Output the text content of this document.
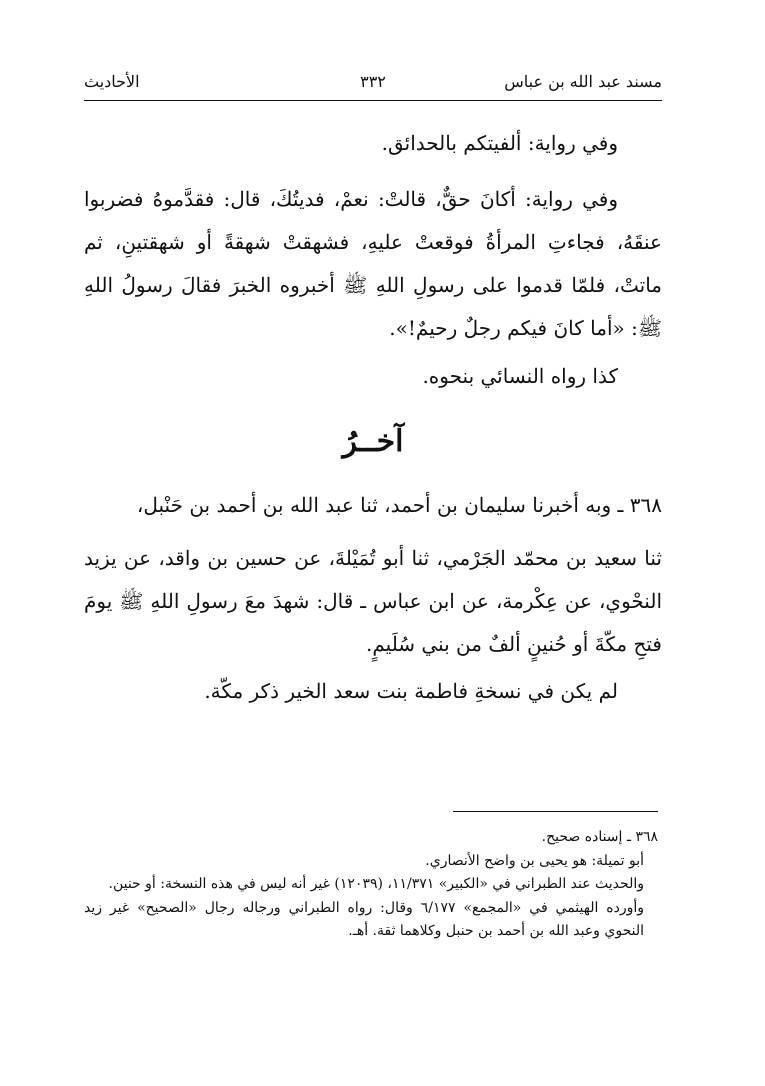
مسند عبد الله بن عباس
٣٣٢
الأحاديث

وفي رواية: ألفيتكم بالحدائق.

وفي رواية: أكانَ حقٌّ، قالتْ: نعمْ، فديتُكَ، قال: فقدَّموهُ فضربوا عنقَهُ، فجاءتِ المرأةُ فوقعتْ عليهِ، فشهقتْ شهقةً أو شهقتينِ، ثم ماتتْ، فلمّا قدموا على رسولِ اللهِ ﷺ أخبروه الخبرَ فقالَ رسولُ اللهِ ﷺ: «أما كانَ فيكم رجلٌ رحيمٌ!».

كذا رواه النسائي بنحوه.

آخــرُ

٣٦٨ ـ وبه أخبرنا سليمان بن أحمد، ثنا عبد الله بن أحمد بن حَنْبل،

ثنا سعيد بن محمّد الجَرْمي، ثنا أبو تُمَيْلةَ، عن حسين بن واقد، عن يزيد النحْوي، عن عِكْرمة، عن ابن عباس ـ قال: شهدَ معَ رسولِ اللهِ ﷺ يومَ فتحِ مكّةَ أو حُنينٍ ألفٌ من بني سُلَيمٍ.

لم يكن في نسخةِ فاطمة بنت سعد الخير ذكر مكّة.

٣٦٨ ـ إسناده صحيح.

أبو تميلة: هو يحيى بن واضح الأنصاري.

والحديث عند الطبراني في «الكبير» ١١/٣٧١، (١٢٠٣٩) غير أنه ليس في هذه النسخة: أو حنين.

وأورده الهيثمي في «المجمع» ٦/١٧٧ وقال: رواه الطبراني ورجاله رجال «الصحيح» غير زيد النحوي وعبد الله بن أحمد بن حنبل وكلاهما ثقة. أهـ.
